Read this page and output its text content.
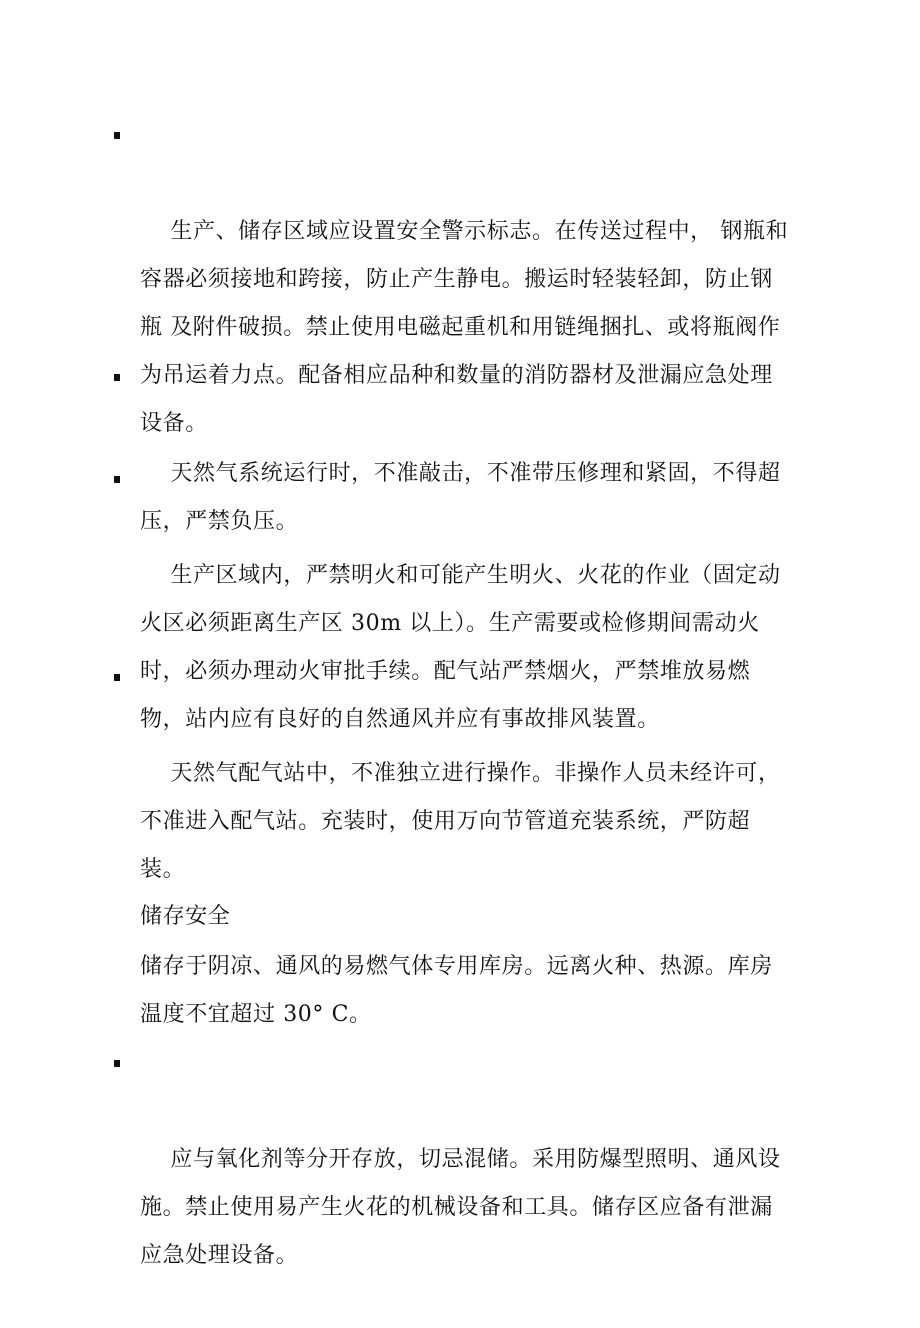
生产、储存区域应设置安全警示标志。在传送过程中， 钢瓶和容器必须接地和跨接，防止产生静电。搬运时轻装轻卸，防止钢瓶 及附件破损。禁止使用电磁起重机和用链绳捆扎、或将瓶阀作为吊运着力点。配备相应品种和数量的消防器材及泄漏应急处理设备。

天然气系统运行时，不准敲击，不准带压修理和紧固，不得超压，严禁负压。

生产区域内，严禁明火和可能产生明火、火花的作业（固定动火区必须距离生产区 30m 以上）。生产需要或检修期间需动火时，必须办理动火审批手续。配气站严禁烟火，严禁堆放易燃物，站内应有良好的自然通风并应有事故排风装置。

天然气配气站中，不准独立进行操作。非操作人员未经许可，不准进入配气站。充装时，使用万向节管道充装系统，严防超装。

储存安全
储存于阴凉、通风的易燃气体专用库房。远离火种、热源。库房温度不宜超过 30° C。

应与氧化剂等分开存放，切忌混储。采用防爆型照明、通风设施。禁止使用易产生火花的机械设备和工具。储存区应备有泄漏应急处理设备。
